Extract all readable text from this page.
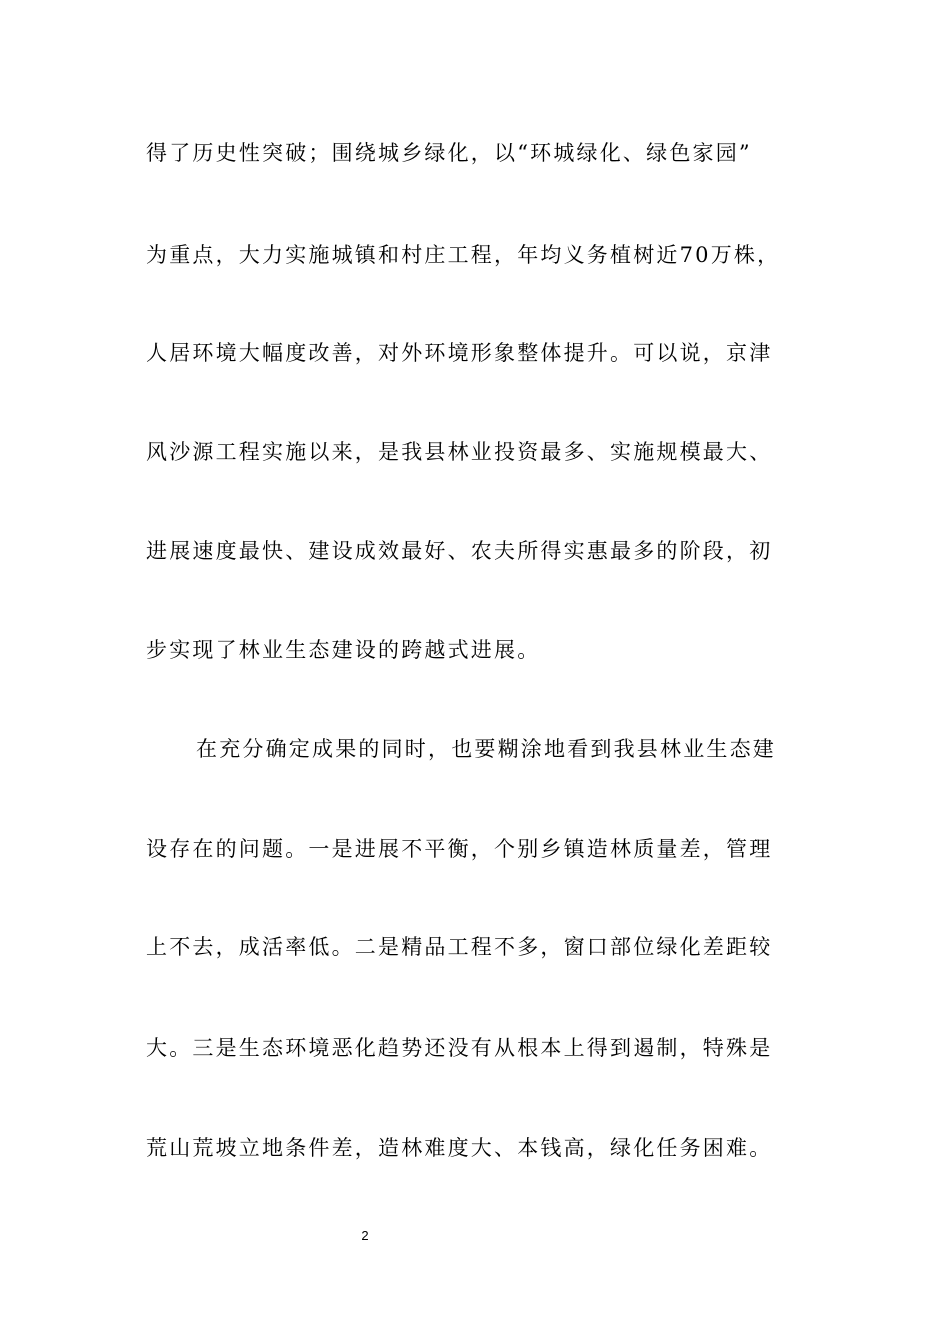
得了历史性突破；围绕城乡绿化，以“环城绿化、绿色家园”
为重点，大力实施城镇和村庄工程，年均义务植树近70万株，
人居环境大幅度改善，对外环境形象整体提升。可以说，京津
风沙源工程实施以来，是我县林业投资最多、实施规模最大、
进展速度最快、建设成效最好、农夫所得实惠最多的阶段，初
步实现了林业生态建设的跨越式进展。
在充分确定成果的同时，也要糊涂地看到我县林业生态建
设存在的问题。一是进展不平衡，个别乡镇造林质量差，管理
上不去，成活率低。二是精品工程不多，窗口部位绿化差距较
大。三是生态环境恶化趋势还没有从根本上得到遏制，特殊是
荒山荒坡立地条件差，造林难度大、本钱高，绿化任务困难。
2
